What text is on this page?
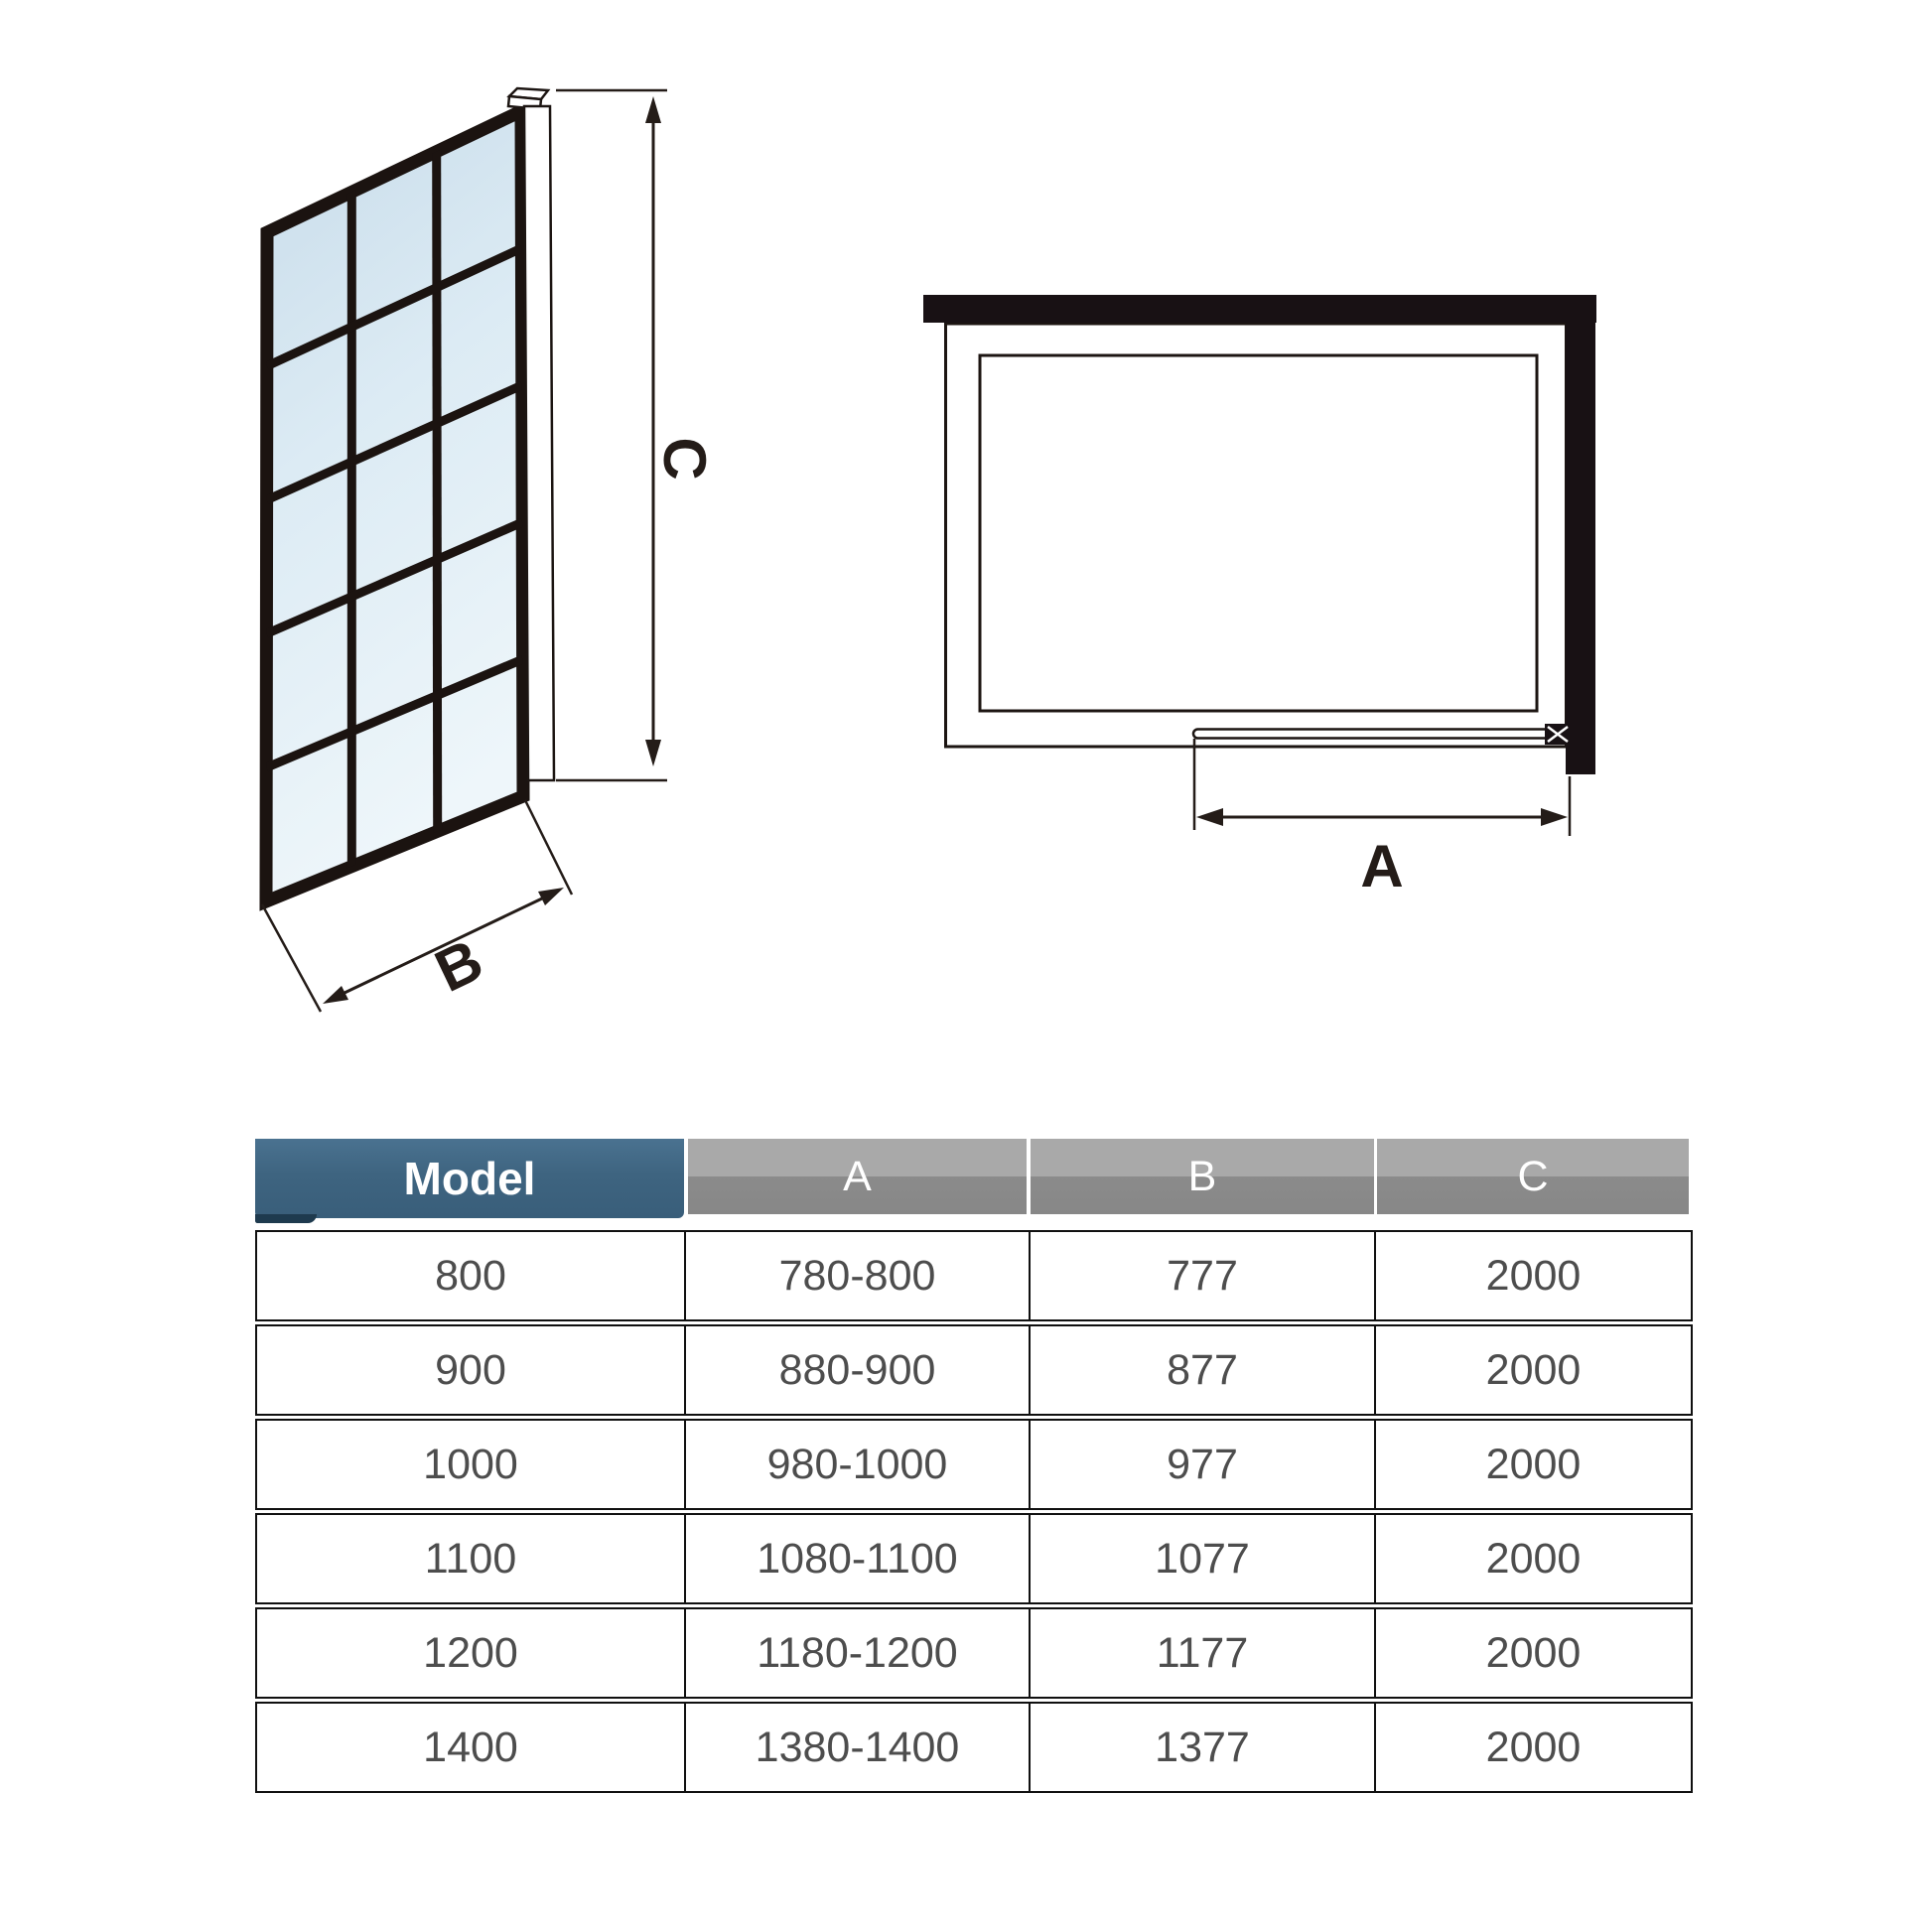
C
B
A
Model	A	B	C
800	780-800	777	2000
900	880-900	877	2000
1000	980-1000	977	2000
1100	1080-1100	1077	2000
1200	1180-1200	1177	2000
1400	1380-1400	1377	2000
